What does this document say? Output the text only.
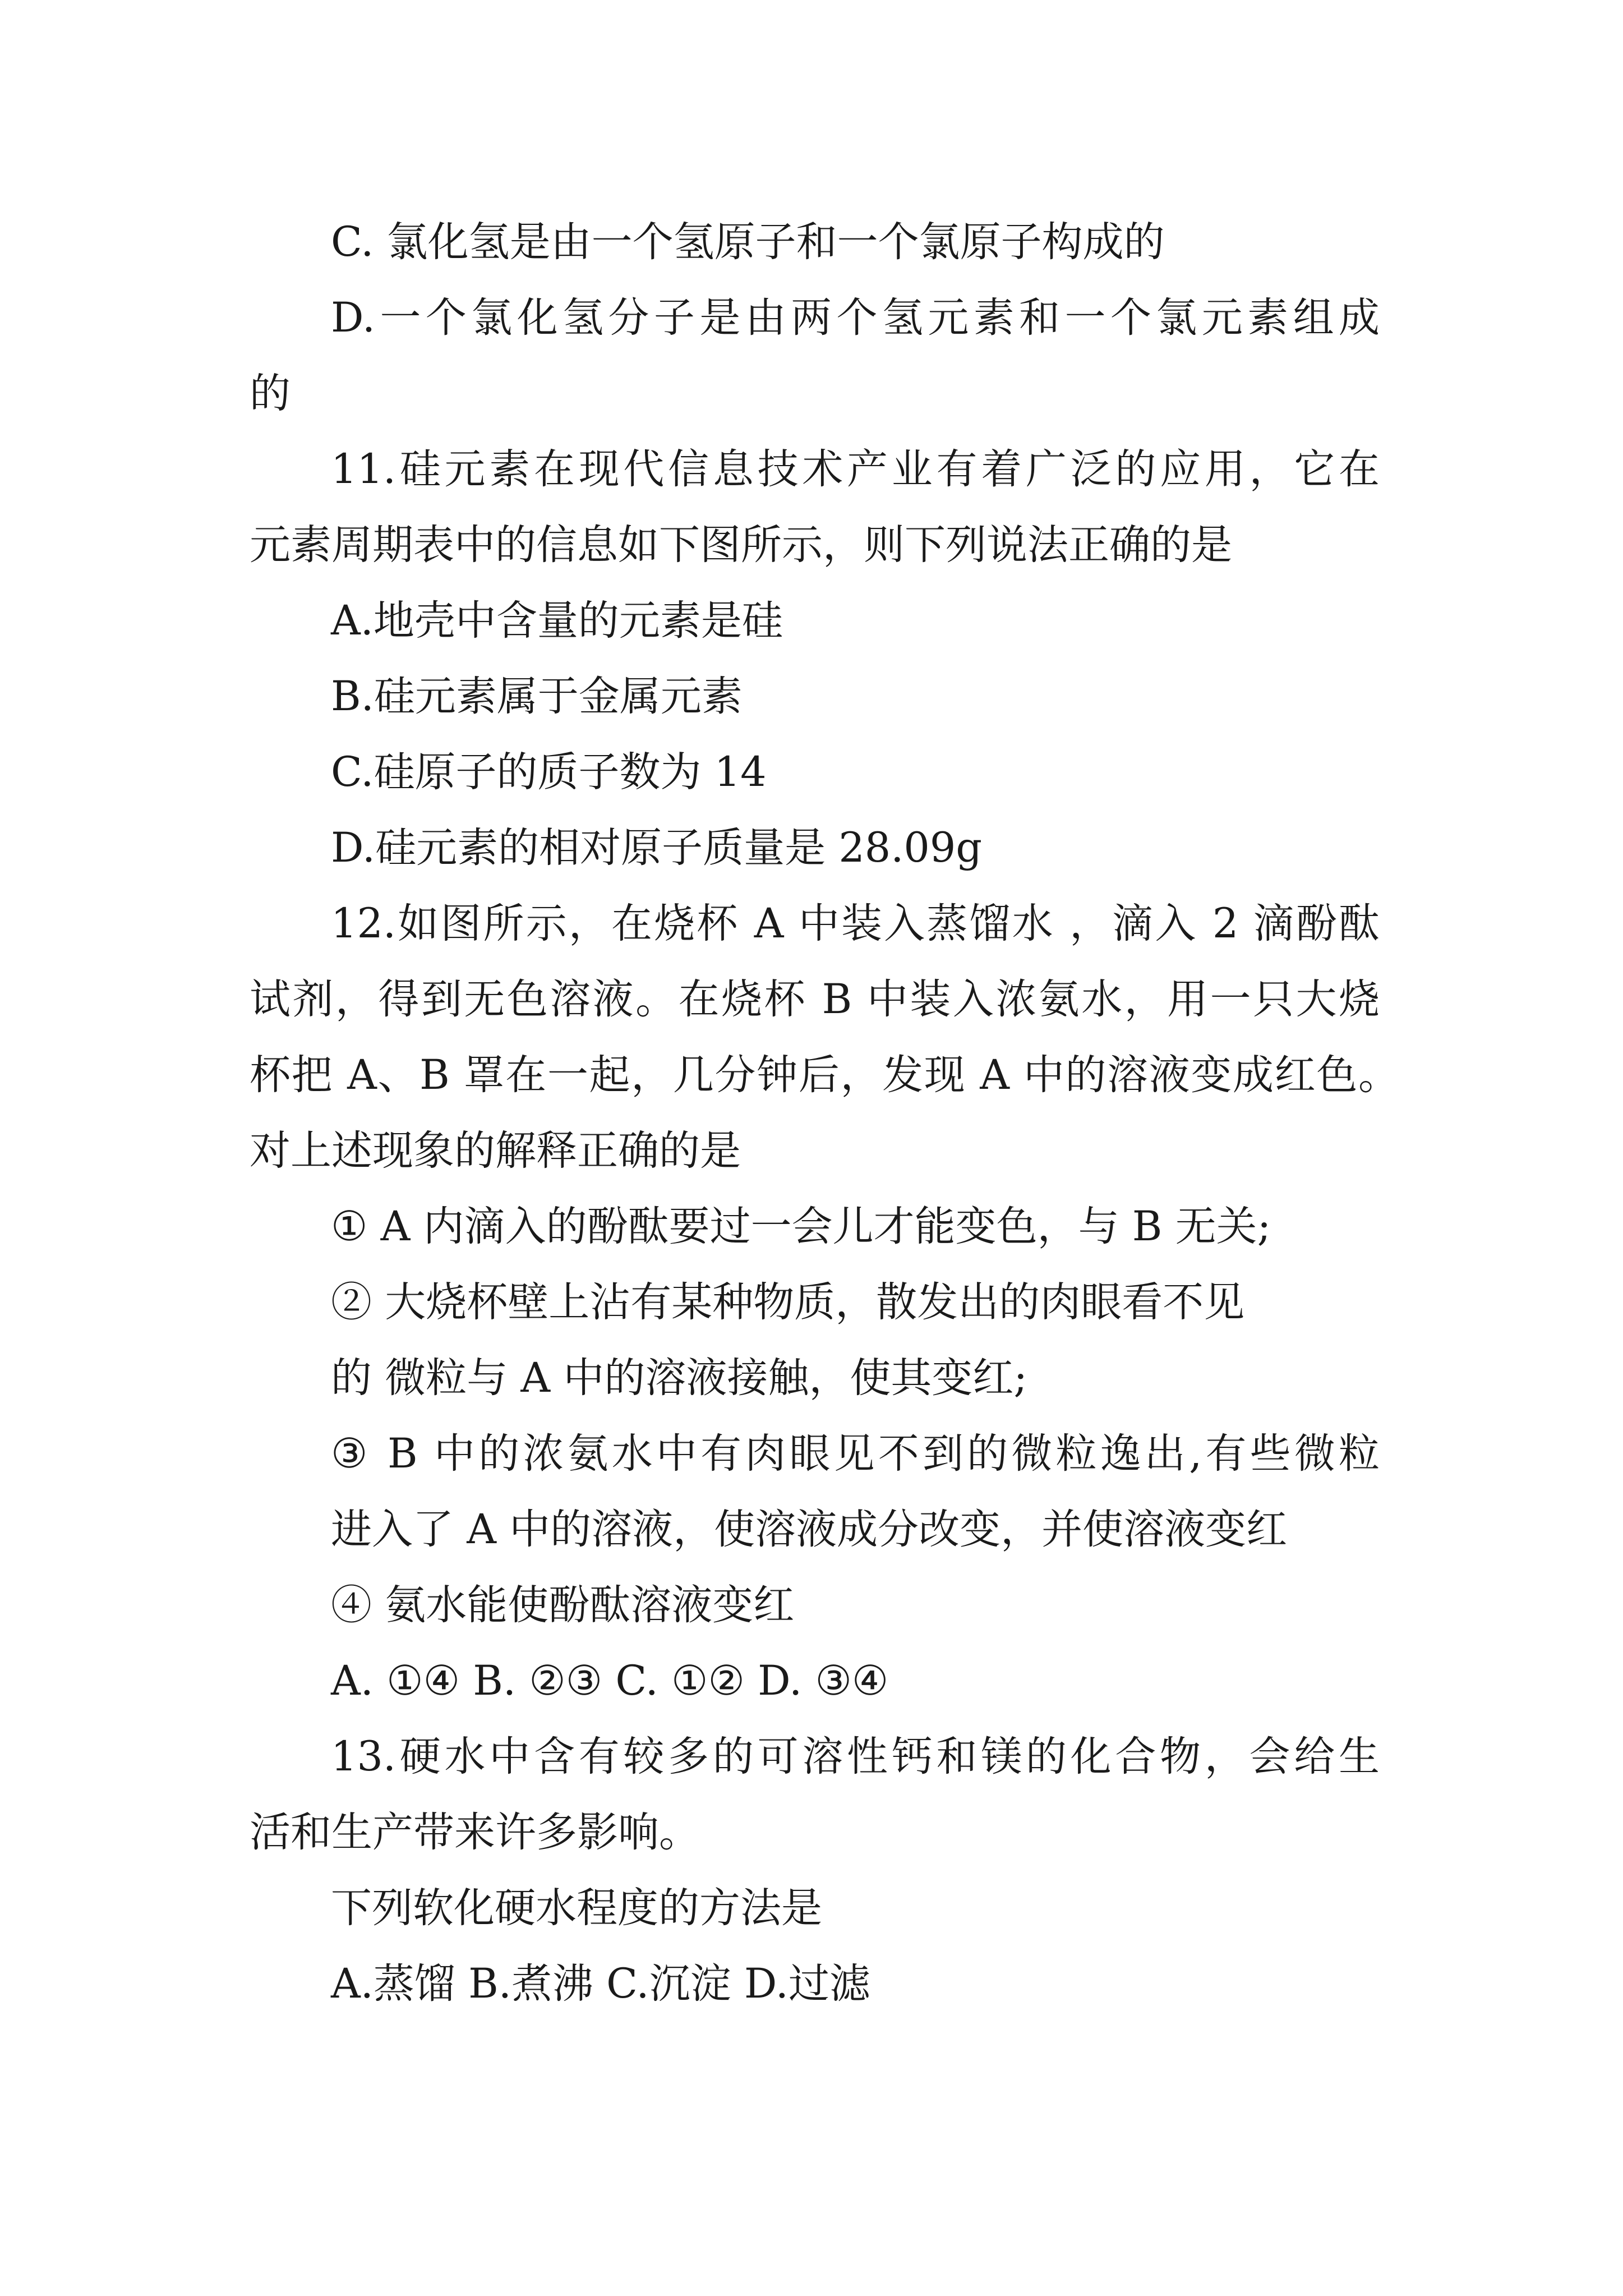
C. 氯化氢是由一个氢原子和一个氯原子构成的
D.一个氯化氢分子是由两个氢元素和一个氯元素组成
的
11.硅元素在现代信息技术产业有着广泛的应用，它在
元素周期表中的信息如下图所示，则下列说法正确的是
A.地壳中含量的元素是硅
B.硅元素属于金属元素
C.硅原子的质子数为 14
D.硅元素的相对原子质量是 28.09g
12.如图所示，在烧杯 A 中装入蒸馏水 ，滴入 2 滴酚酞
试剂，得到无色溶液。在烧杯 B 中装入浓氨水，用一只大烧
杯把 A、B 罩在一起，几分钟后，发现 A 中的溶液变成红色。
对上述现象的解释正确的是
① A 内滴入的酚酞要过一会儿才能变色，与 B 无关;
② 大烧杯壁上沾有某种物质，散发出的肉眼看不见
的 微粒与 A 中的溶液接触，使其变红;
③ B 中的浓氨水中有肉眼见不到的微粒逸出,有些微粒
进入了 A 中的溶液，使溶液成分改变，并使溶液变红
④ 氨水能使酚酞溶液变红
A. ①④ B. ②③ C. ①② D. ③④
13.硬水中含有较多的可溶性钙和镁的化合物，会给生
活和生产带来许多影响。
下列软化硬水程度的方法是
A.蒸馏 B.煮沸 C.沉淀 D.过滤
